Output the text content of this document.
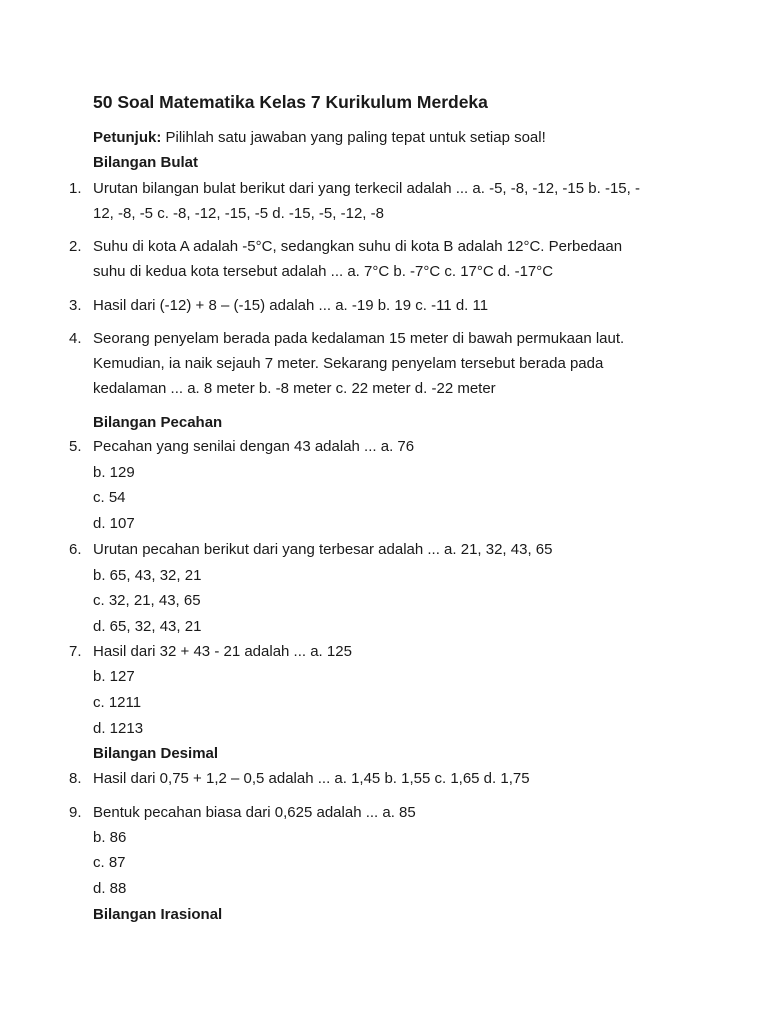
50 Soal Matematika Kelas 7 Kurikulum Merdeka
Petunjuk: Pilihlah satu jawaban yang paling tepat untuk setiap soal!
Bilangan Bulat
1. Urutan bilangan bulat berikut dari yang terkecil adalah ... a. -5, -8, -12, -15 b. -15, -
12, -8, -5 c. -8, -12, -15, -5 d. -15, -5, -12, -8
2. Suhu di kota A adalah -5°C, sedangkan suhu di kota B adalah 12°C. Perbedaan
suhu di kedua kota tersebut adalah ... a. 7°C b. -7°C c. 17°C d. -17°C
3. Hasil dari (-12) + 8 – (-15) adalah ... a. -19 b. 19 c. -11 d. 11
4. Seorang penyelam berada pada kedalaman 15 meter di bawah permukaan laut.
Kemudian, ia naik sejauh 7 meter. Sekarang penyelam tersebut berada pada
kedalaman ... a. 8 meter b. -8 meter c. 22 meter d. -22 meter
Bilangan Pecahan
5. Pecahan yang senilai dengan 43 adalah ... a. 76
b. 129
c. 54
d. 107
6. Urutan pecahan berikut dari yang terbesar adalah ... a. 21, 32, 43, 65
b. 65, 43, 32, 21
c. 32, 21, 43, 65
d. 65, 32, 43, 21
7. Hasil dari 32 + 43 - 21 adalah ... a. 125
b. 127
c. 1211
d. 1213
Bilangan Desimal
8. Hasil dari 0,75 + 1,2 – 0,5 adalah ... a. 1,45 b. 1,55 c. 1,65 d. 1,75
9. Bentuk pecahan biasa dari 0,625 adalah ... a. 85
b. 86
c. 87
d. 88
Bilangan Irasional
